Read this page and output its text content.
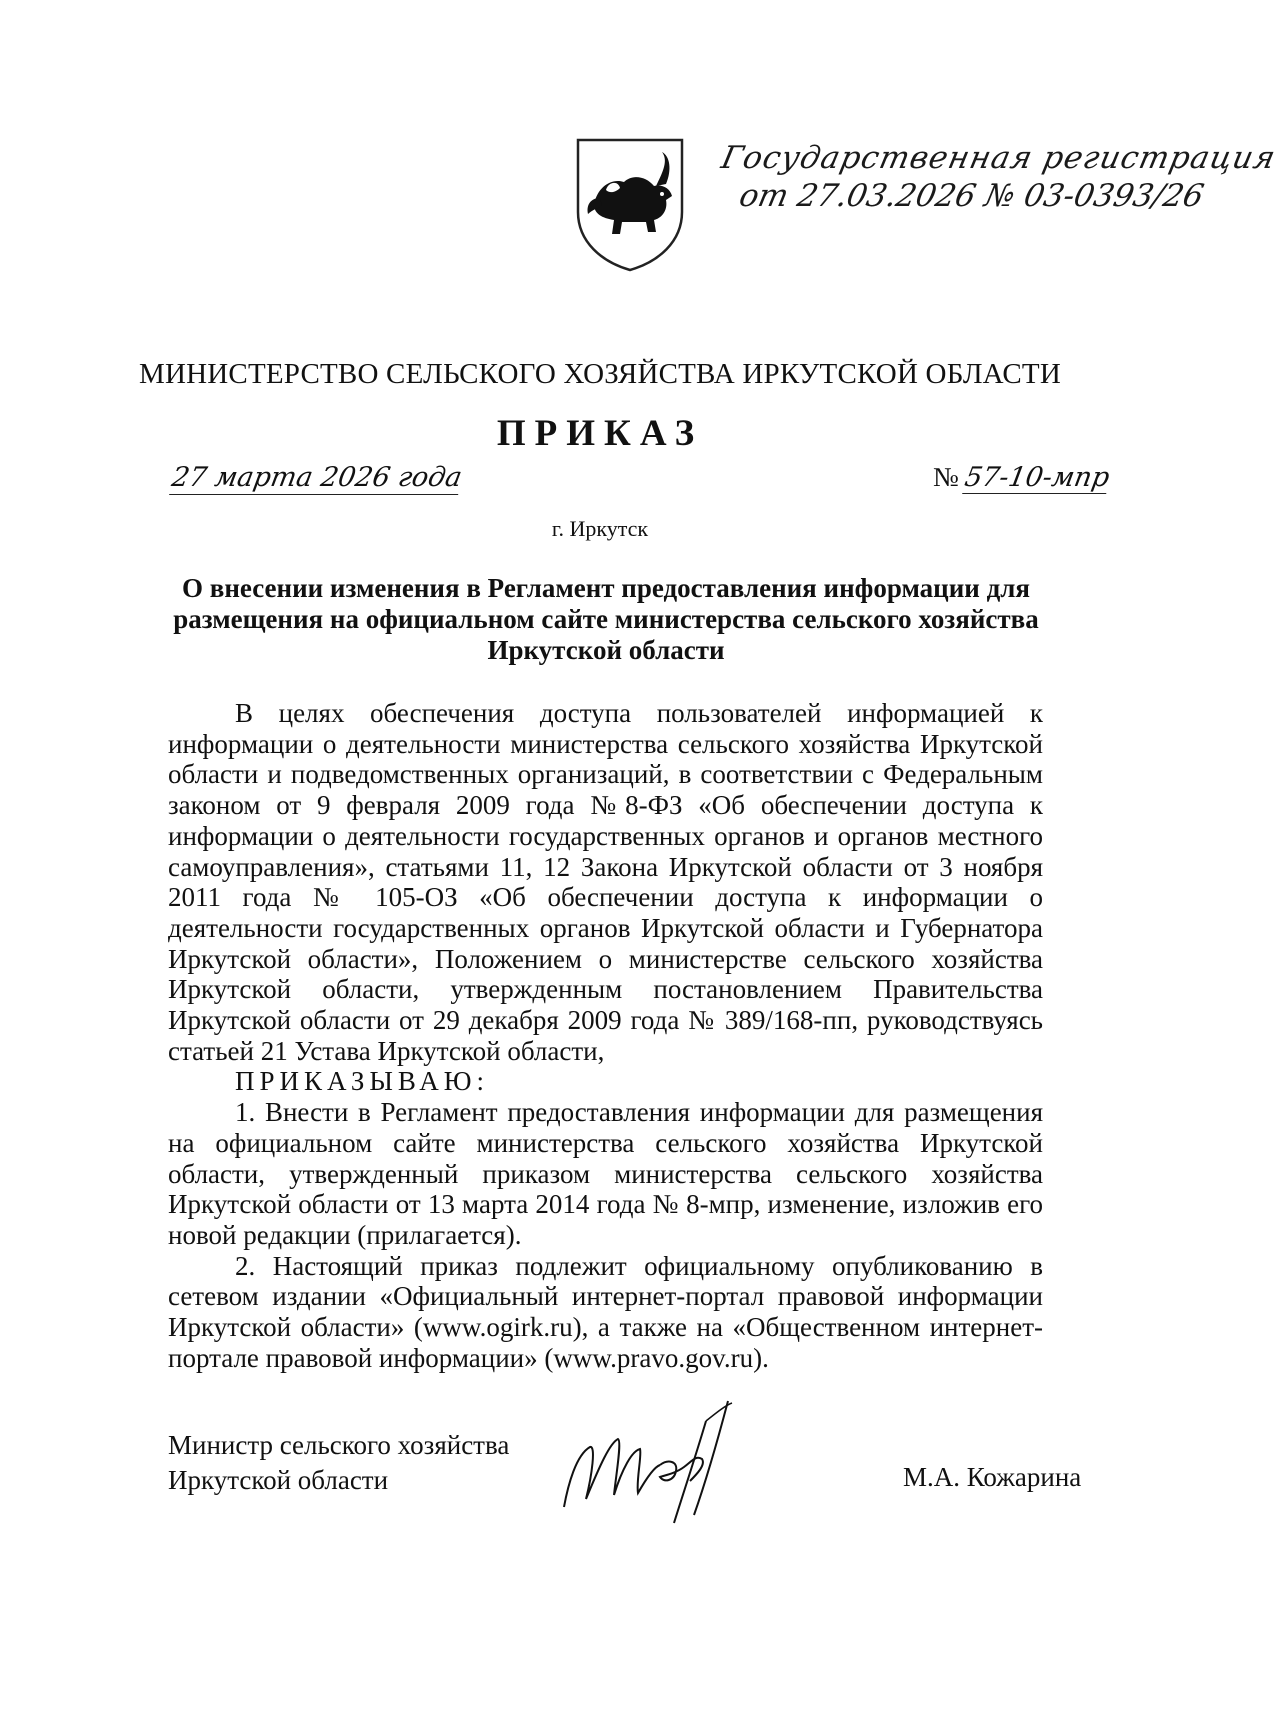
Государственная регистрация
от 27.03.2026 № 03-0393/26
МИНИСТЕРСТВО СЕЛЬСКОГО ХОЗЯЙСТВА ИРКУТСКОЙ ОБЛАСТИ
ПРИКАЗ
27 марта 2026 года	№ 57-10-мпр
г. Иркутск
О внесении изменения в Регламент предоставления информации для размещения на официальном сайте министерства сельского хозяйства Иркутской области

В целях обеспечения доступа пользователей информацией к информации о деятельности министерства сельского хозяйства Иркутской области и подведомственных организаций, в соответствии с Федеральным законом от 9 февраля 2009 года №8-ФЗ «Об обеспечении доступа к информации о деятельности государственных органов и органов местного самоуправления», статьями 11, 12 Закона Иркутской области от 3 ноября 2011 года № 105-ОЗ «Об обеспечении доступа к информации о деятельности государственных органов Иркутской области и Губернатора Иркутской области», Положением о министерстве сельского хозяйства Иркутской области, утвержденным постановлением Правительства Иркутской области от 29 декабря 2009 года № 389/168-пп, руководствуясь статьей 21 Устава Иркутской области,

ПРИКАЗЫВАЮ:

1. Внести в Регламент предоставления информации для размещения на официальном сайте министерства сельского хозяйства Иркутской области, утвержденный приказом министерства сельского хозяйства Иркутской области от 13 марта 2014 года № 8-мпр, изменение, изложив его новой редакции (прилагается).

2. Настоящий приказ подлежит официальному опубликованию в сетевом издании «Официальный интернет-портал правовой информации Иркутской области» (www.ogirk.ru), а также на «Общественном интернет-портале правовой информации» (www.pravo.gov.ru).

Министр сельского хозяйства
Иркутской области	М.А. Кожарина
